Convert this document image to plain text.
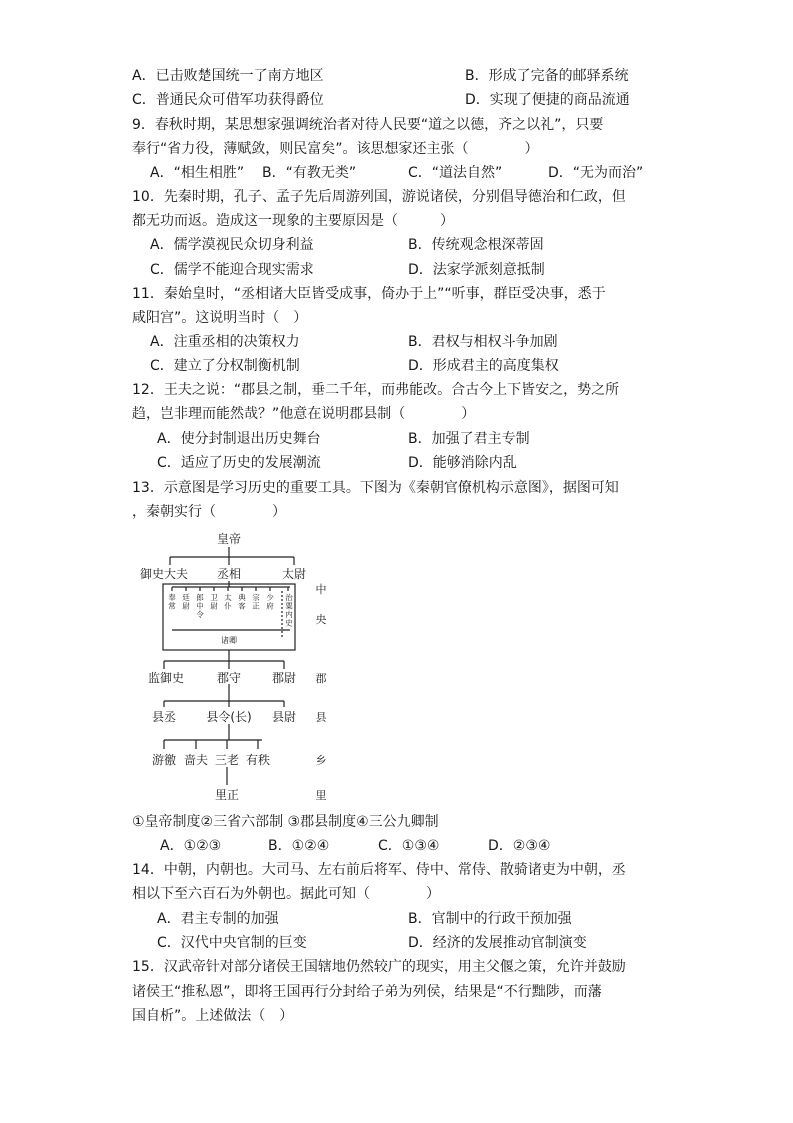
A．已击败楚国统一了南方地区	B．形成了完备的邮驿系统
C．普通民众可借军功获得爵位	D．实现了便捷的商品流通
9．春秋时期，某思想家强调统治者对待人民要“道之以德，齐之以礼”，只要
奉行“省力役，薄赋敛，则民富矣”。该思想家还主张（　　　　）
A．“相生相胜” B．“有教无类”	C．“道法自然”	D．“无为而治”
10．先秦时期，孔子、孟子先后周游列国，游说诸侯，分别倡导德治和仁政，但
都无功而返。造成这一现象的主要原因是（　　　）
A．儒学漠视民众切身利益	B．传统观念根深蒂固
C．儒学不能迎合现实需求	D．法家学派刻意抵制
11．秦始皇时，“丞相诸大臣皆受成事，倚办于上”“听事，群臣受决事，悉于
咸阳宫”。这说明当时（　）
A．注重丞相的决策权力	B．君权与相权斗争加剧
C．建立了分权制衡机制	D．形成君主的高度集权
12．王夫之说：“郡县之制，垂二千年，而弗能改。合古今上下皆安之，势之所
趋，岂非理而能然哉？”他意在说明郡县制（　　　　）
A．使分封制退出历史舞台	B．加强了君主专制
C．适应了历史的发展潮流	D．能够消除内乱
13．示意图是学习历史的重要工具。下图为《秦朝官僚机构示意图》，据图可知
，秦朝实行（　　　　）
皇帝
御史大夫 丞相	太尉
诸卿
监御史	郡守	郡尉
县丞	县令(长) 县尉
游徼 啬夫 三老 有秩
里正
奉常
廷尉
郎中令
卫尉
太仆
典客
宗正
少府
治粟内史
中
央
郡
县
乡
里
①皇帝制度②三省六部制 ③郡县制度④三公九卿制
A．①②③	B．①②④	C．①③④	D．②③④
14．中朝，内朝也。大司马、左右前后将军、侍中、常侍、散骑诸吏为中朝，丞
相以下至六百石为外朝也。据此可知（　　　　）
A．君主专制的加强	B．官制中的行政干预加强
C．汉代中央官制的巨变	D．经济的发展推动官制演变
15．汉武帝针对部分诸侯王国辖地仍然较广的现实，用主父偃之策，允许并鼓励
诸侯王“推私恩”，即将王国再行分封给子弟为列侯，结果是“不行黜陟，而藩
国自析”。上述做法（　）
